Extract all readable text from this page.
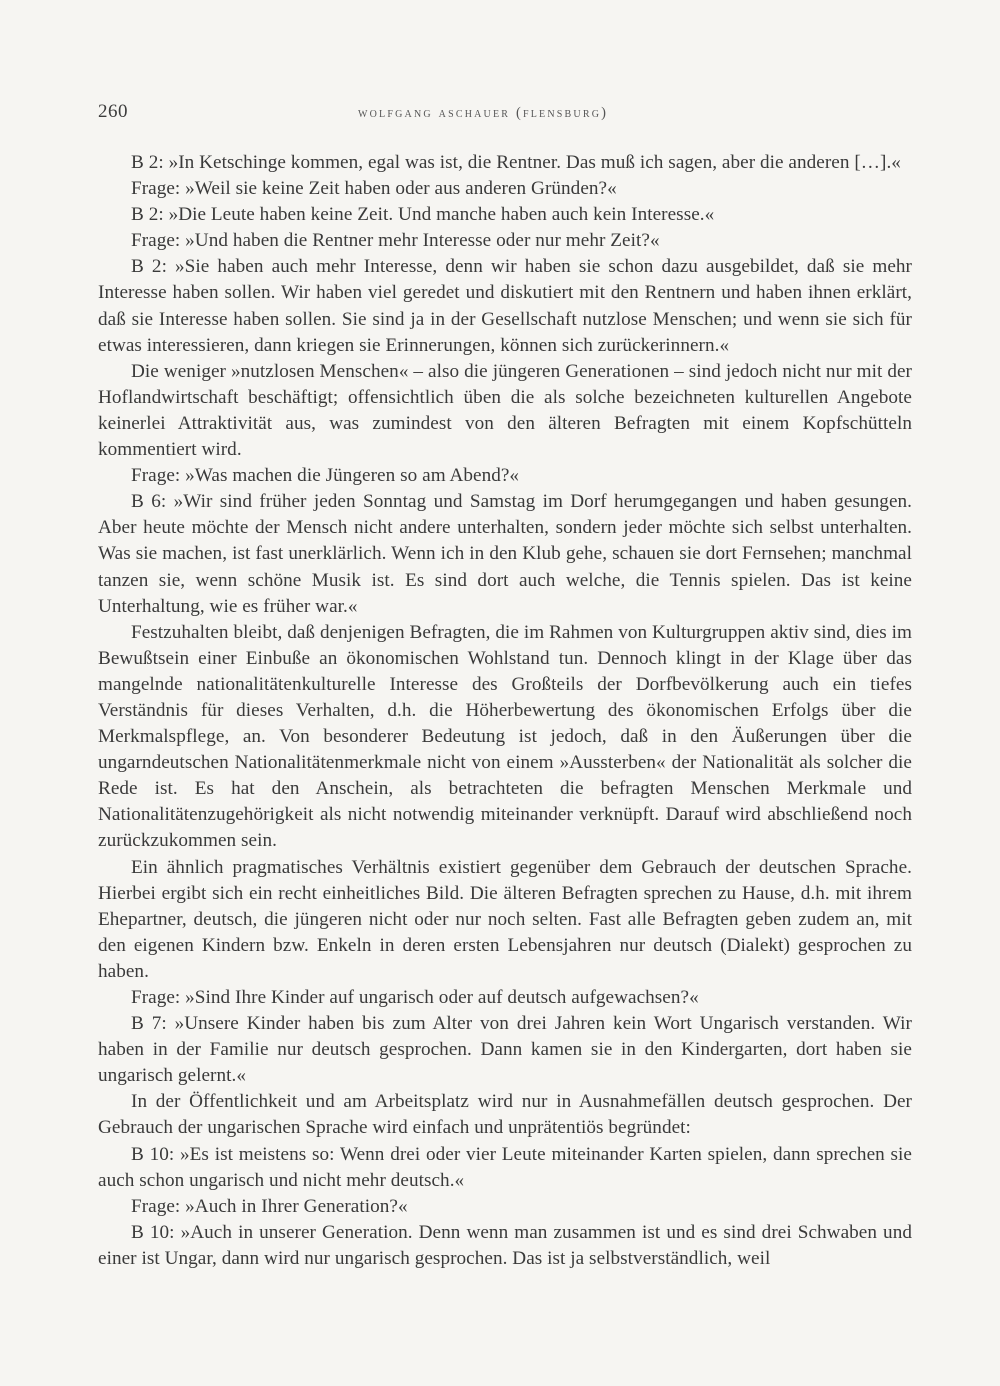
260	wolfgang aschauer (flensburg)

B 2: »In Ketschinge kommen, egal was ist, die Rentner. Das muß ich sagen, aber die anderen […].«

Frage: »Weil sie keine Zeit haben oder aus anderen Gründen?«

B 2: »Die Leute haben keine Zeit. Und manche haben auch kein Interesse.«

Frage: »Und haben die Rentner mehr Interesse oder nur mehr Zeit?«

B 2: »Sie haben auch mehr Interesse, denn wir haben sie schon dazu ausgebildet, daß sie mehr Interesse haben sollen. Wir haben viel geredet und diskutiert mit den Rentnern und haben ihnen erklärt, daß sie Interesse haben sollen. Sie sind ja in der Gesellschaft nutzlose Menschen; und wenn sie sich für etwas interessieren, dann kriegen sie Erinnerungen, können sich zurückerinnern.«

Die weniger »nutzlosen Menschen« – also die jüngeren Generationen – sind jedoch nicht nur mit der Hoflandwirtschaft beschäftigt; offensichtlich üben die als solche bezeichneten kulturellen Angebote keinerlei Attraktivität aus, was zumindest von den älteren Befragten mit einem Kopfschütteln kommentiert wird.

Frage: »Was machen die Jüngeren so am Abend?«

B 6: »Wir sind früher jeden Sonntag und Samstag im Dorf herumgegangen und haben gesungen. Aber heute möchte der Mensch nicht andere unterhalten, sondern jeder möchte sich selbst unterhalten. Was sie machen, ist fast unerklärlich. Wenn ich in den Klub gehe, schauen sie dort Fernsehen; manchmal tanzen sie, wenn schöne Musik ist. Es sind dort auch welche, die Tennis spielen. Das ist keine Unterhaltung, wie es früher war.«

Festzuhalten bleibt, daß denjenigen Befragten, die im Rahmen von Kulturgruppen aktiv sind, dies im Bewußtsein einer Einbuße an ökonomischen Wohlstand tun. Dennoch klingt in der Klage über das mangelnde nationalitätenkulturelle Interesse des Großteils der Dorfbevölkerung auch ein tiefes Verständnis für dieses Verhalten, d.h. die Höherbewertung des ökonomischen Erfolgs über die Merkmalspflege, an. Von besonderer Bedeutung ist jedoch, daß in den Äußerungen über die ungarndeutschen Nationalitätenmerkmale nicht von einem »Aussterben« der Nationalität als solcher die Rede ist. Es hat den Anschein, als betrachteten die befragten Menschen Merkmale und Nationalitätenzugehörigkeit als nicht notwendig miteinander verknüpft. Darauf wird abschließend noch zurückzukommen sein.

Ein ähnlich pragmatisches Verhältnis existiert gegenüber dem Gebrauch der deutschen Sprache. Hierbei ergibt sich ein recht einheitliches Bild. Die älteren Befragten sprechen zu Hause, d.h. mit ihrem Ehepartner, deutsch, die jüngeren nicht oder nur noch selten. Fast alle Befragten geben zudem an, mit den eigenen Kindern bzw. Enkeln in deren ersten Lebensjahren nur deutsch (Dialekt) gesprochen zu haben.

Frage: »Sind Ihre Kinder auf ungarisch oder auf deutsch aufgewachsen?«

B 7: »Unsere Kinder haben bis zum Alter von drei Jahren kein Wort Ungarisch verstanden. Wir haben in der Familie nur deutsch gesprochen. Dann kamen sie in den Kindergarten, dort haben sie ungarisch gelernt.«

In der Öffentlichkeit und am Arbeitsplatz wird nur in Ausnahmefällen deutsch gesprochen. Der Gebrauch der ungarischen Sprache wird einfach und unprätentiös begründet:

B 10: »Es ist meistens so: Wenn drei oder vier Leute miteinander Karten spielen, dann sprechen sie auch schon ungarisch und nicht mehr deutsch.«

Frage: »Auch in Ihrer Generation?«

B 10: »Auch in unserer Generation. Denn wenn man zusammen ist und es sind drei Schwaben und einer ist Ungar, dann wird nur ungarisch gesprochen. Das ist ja selbstverständlich, weil
